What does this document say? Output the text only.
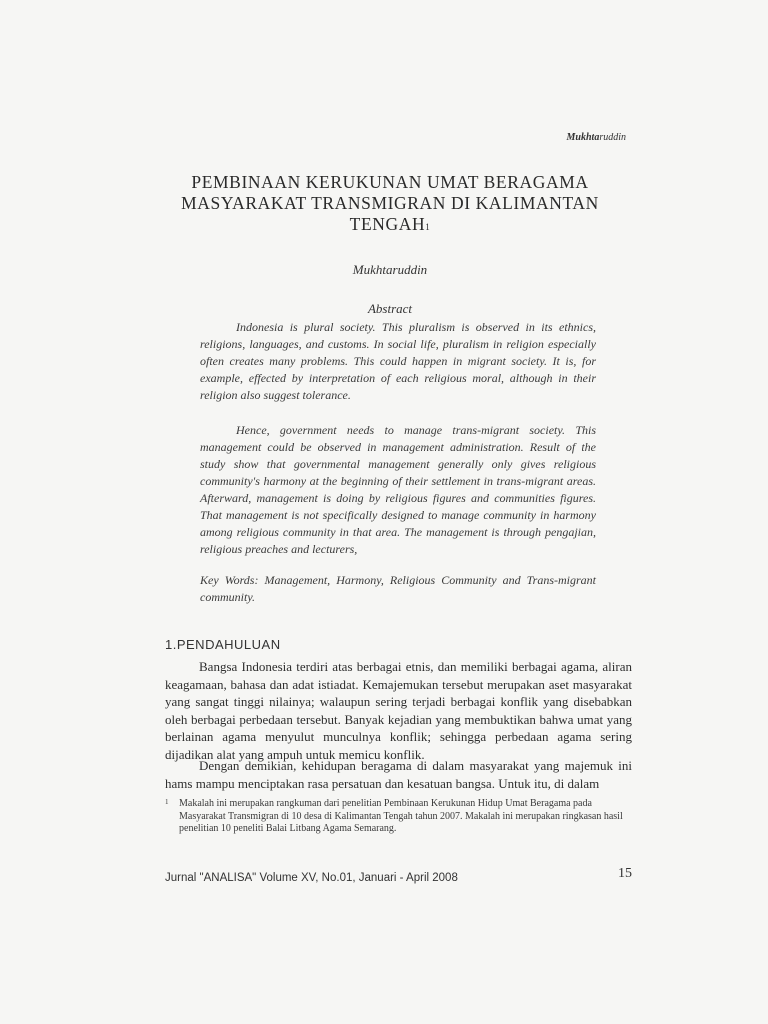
Mukhtaruddin
PEMBINAAN KERUKUNAN UMAT BERAGAMA MASYARAKAT TRANSMIGRAN DI KALIMANTAN TENGAH1
Mukhtaruddin
Abstract

Indonesia is plural society. This pluralism is observed in its ethnics, religions, languages, and customs. In social life, pluralism in religion especially often creates many problems. This could happen in migrant society. It is, for example, effected by interpretation of each religious moral, although in their religion also suggest tolerance.

Hence, government needs to manage trans-migrant society. This management could be observed in management administration. Result of the study show that governmental management generally only gives religious community's harmony at the beginning of their settlement in trans-migrant areas. Afterward, management is doing by religious figures and communities figures. That management is not specifically designed to manage community in harmony among religious community in that area. The management is through pengajian, religious preaches and lecturers,

Key Words: Management, Harmony, Religious Community and Trans-migrant community.

1.PENDAHULUAN

Bangsa Indonesia terdiri atas berbagai etnis, dan memiliki berbagai agama, aliran keagamaan, bahasa dan adat istiadat. Kemajemukan tersebut merupakan aset masyarakat yang sangat tinggi nilainya; walaupun sering terjadi berbagai konflik yang disebabkan oleh berbagai perbedaan tersebut. Banyak kejadian yang membuktikan bahwa umat yang berlainan agama menyulut munculnya konflik; sehingga perbedaan agama sering dijadikan alat yang ampuh untuk memicu konflik.

Dengan demikian, kehidupan beragama di dalam masyarakat yang majemuk ini hams mampu menciptakan rasa persatuan dan kesatuan bangsa. Untuk itu, di dalam

1 Makalah ini merupakan rangkuman dari penelitian Pembinaan Kerukunan Hidup Umat Beragama pada Masyarakat Transmigran di 10 desa di Kalimantan Tengah tahun 2007. Makalah ini merupakan ringkasan hasil penelitian 10 peneliti Balai Litbang Agama Semarang.
Jurnal "ANALISA" Volume XV, No.01, Januari - April 2008	15
